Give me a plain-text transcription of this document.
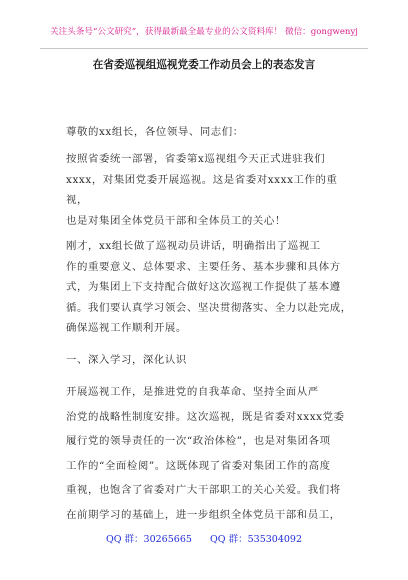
关注头条号“公文研究”，获得最新最全最专业的公文资料库！ 微信：gongwenyj
在省委巡视组巡视党委工作动员会上的表态发言

尊敬的xx组长，各位领导、同志们：

按照省委统一部署，省委第x巡视组今天正式进驻我们
xxxx，对集团党委开展巡视。这是省委对xxxx工作的重视，
也是对集团全体党员干部和全体员工的关心！

刚才，xx组长做了巡视动员讲话，明确指出了巡视工
作的重要意义、总体要求、主要任务、基本步骤和具体方
式，为集团上下支持配合做好这次巡视工作提供了基本遵
循。我们要认真学习领会、坚决贯彻落实、全力以赴完成，
确保巡视工作顺利开展。

一、深入学习，深化认识

开展巡视工作，是推进党的自我革命、坚持全面从严
治党的战略性制度安排。这次巡视，既是省委对xxxx党委
履行党的领导责任的一次“政治体检”，也是对集团各项
工作的“全面检阅”。这既体现了省委对集团工作的高度
重视，也饱含了省委对广大干部职工的关心关爱。我们将
在前期学习的基础上，进一步组织全体党员干部和员工，

QQ 群：30265665      QQ 群：535304092
